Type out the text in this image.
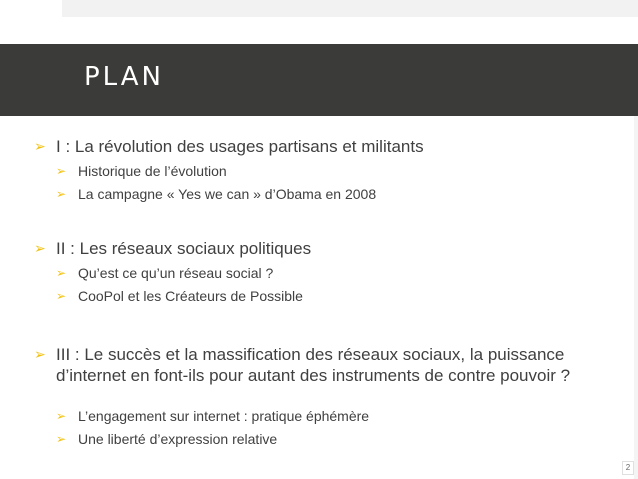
PLAN
➢ I : La révolution des usages partisans et militants
➢ Historique de l’évolution
➢ La campagne « Yes we can » d’Obama en 2008
➢ II : Les réseaux sociaux politiques
➢ Qu’est ce qu’un réseau social ?
➢ CooPol et les Créateurs de Possible
➢ III : Le succès et la massification des réseaux sociaux, la puissance d’internet en font-ils pour autant des instruments de contre pouvoir ?
➢ L’engagement sur internet : pratique éphémère
➢ Une liberté d’expression relative
2
